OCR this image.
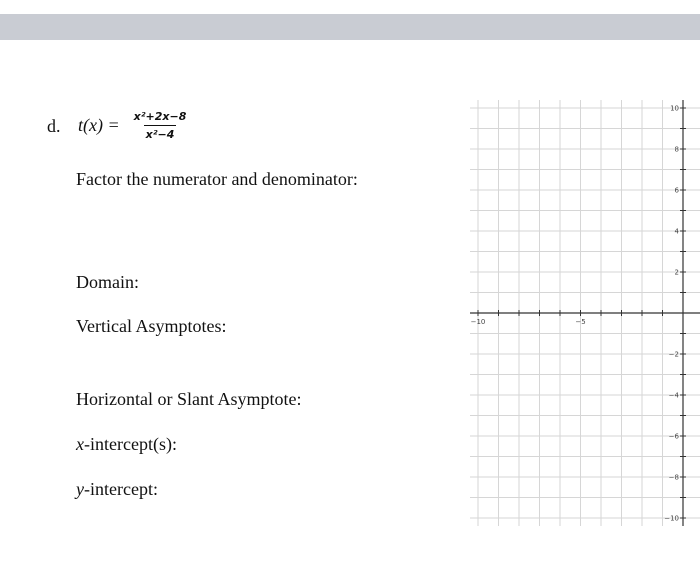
d. $t(x) = \frac{\text{x²+2x−8}}{\text{x²−4}}$
Factor the numerator and denominator:
Domain:
Vertical Asymptotes:
Horizontal or Slant Asymptote:
x-intercept(s):
y-intercept:
−10	−5
10
8
6
4
2
−2
−4
−6
−8
−10
